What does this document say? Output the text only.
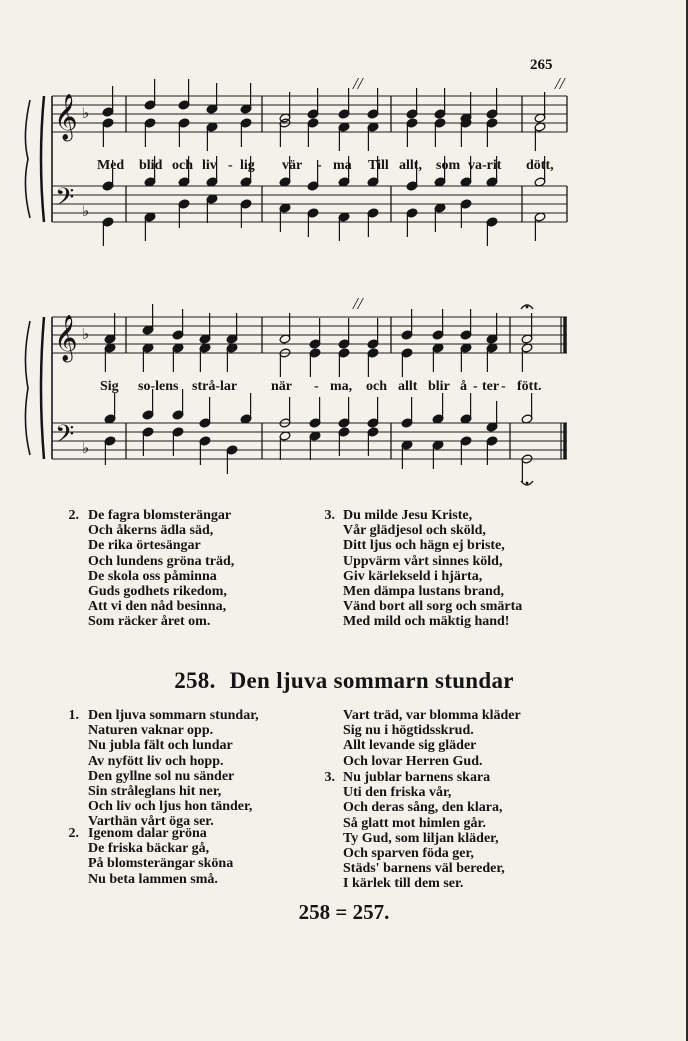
265
𝄞
𝄢
♭
♭
//	//
Med blid och liv - lig vär - ma Till allt, som va-rit dött,
𝄞
𝄢
♭
♭
//
Sig so-lens strå-lar när - ma, och allt blir å - ter - fött.
2. De fagra blomsterängar
Och åkerns ädla säd,
De rika örtesängar
Och lundens gröna träd,
De skola oss påminna
Guds godhets rikedom,
Att vi den nåd besinna,
Som räcker året om.
3. Du milde Jesu Kriste,
Vår glädjesol och sköld,
Ditt ljus och hägn ej briste,
Uppvärm vårt sinnes köld,
Giv kärlekseld i hjärta,
Men dämpa lustans brand,
Vänd bort all sorg och smärta
Med mild och mäktig hand!
258. Den ljuva sommarn stundar
1. Den ljuva sommarn stundar,
Naturen vaknar opp.
Nu jubla fält och lundar
Av nyfött liv och hopp.
Den gyllne sol nu sänder
Sin stråleglans hit ner,
Och liv och ljus hon tänder,
Varthän vårt öga ser.
2. Igenom dalar gröna
De friska bäckar gå,
På blomsterängar sköna
Nu beta lammen små.
Vart träd, var blomma kläder
Sig nu i högtidsskrud.
Allt levande sig gläder
Och lovar Herren Gud.
3. Nu jublar barnens skara
Uti den friska vår,
Och deras sång, den klara,
Så glatt mot himlen går.
Ty Gud, som liljan kläder,
Och sparven föda ger,
Städs' barnens väl bereder,
I kärlek till dem ser.
258 = 257.
